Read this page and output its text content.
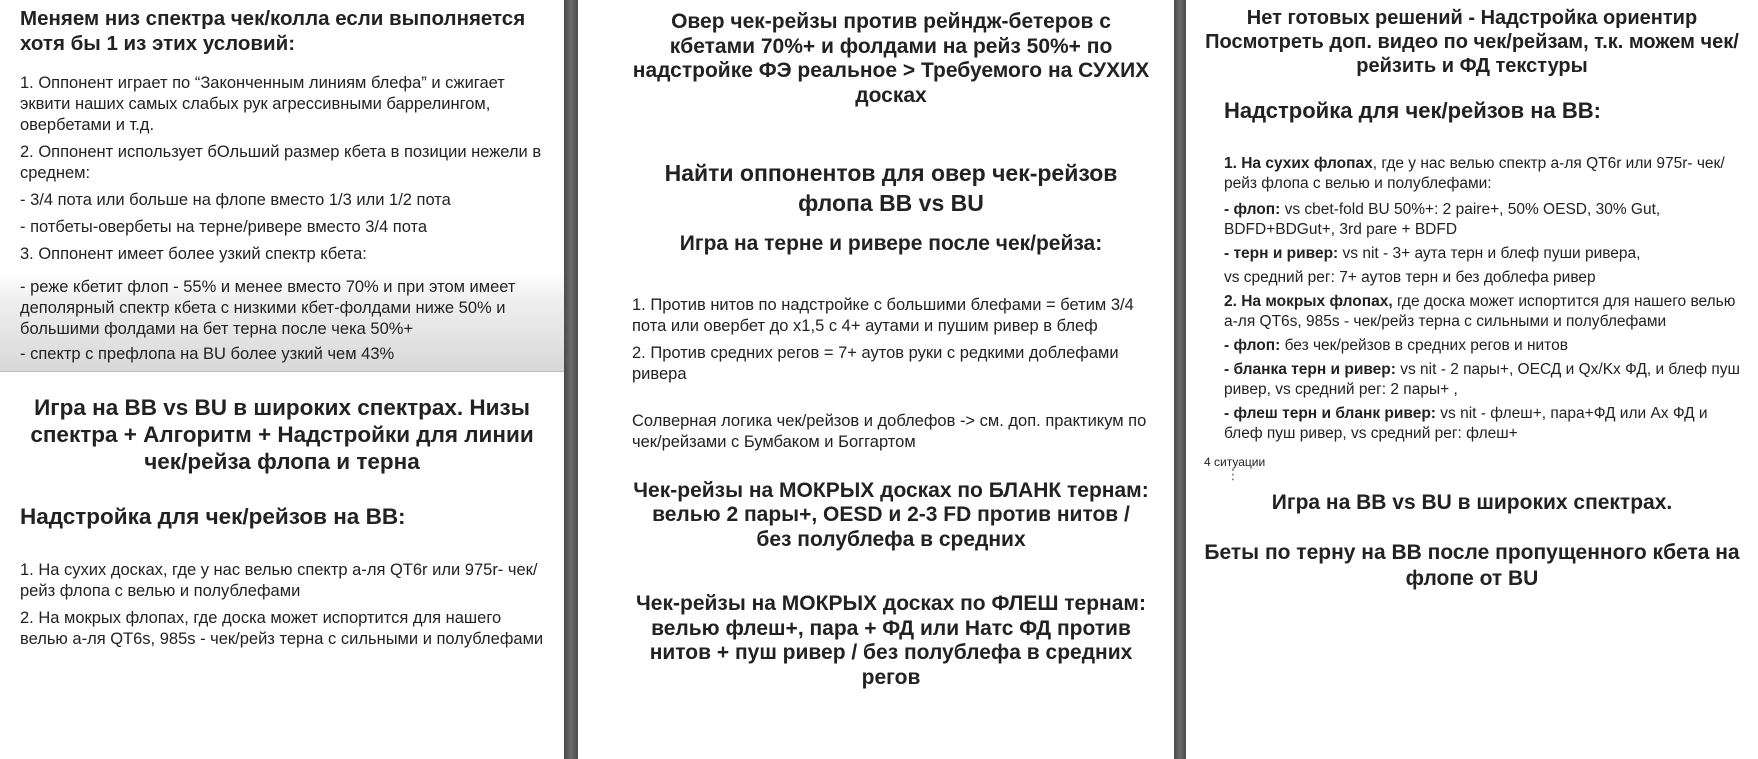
Меняем низ спектра чек/колла если выполняется хотя бы 1 из этих условий:

1. Оппонент играет по “Законченным линиям блефа” и сжигает эквити наших самых слабых рук агрессивными баррелингом, овербетами и т.д.

2. Оппонент использует бОльший размер кбета в позиции нежели в среднем:

- 3/4 пота или больше на флопе вместо 1/3 или 1/2 пота

- потбеты-овербеты на терне/ривере вместо 3/4 пота

3. Оппонент имеет более узкий спектр кбета:

- реже кбетит флоп - 55% и менее вместо 70% и при этом имеет деполярный спектр кбета с низкими кбет-фолдами ниже 50% и большими фолдами на бет терна после чека 50%+

- спектр с префлопа на BU более узкий чем 43%

Игра на BB vs BU в широких спектрах. Низы спектра + Алгоритм + Надстройки для линии чек/рейза флопа и терна

Надстройка для чек/рейзов на BB:

1. На сухих досках, где у нас велью спектр а-ля QT6r или 975r- чек/рейз флопа с велью и полублефами

2. На мокрых флопах, где доска может испортится для нашего велью а-ля QT6s, 985s - чек/рейз терна с сильными и полублефами

Овер чек-рейзы против рейндж-бетеров с кбетами 70%+ и фолдами на рейз 50%+ по надстройке ФЭ реальное > Требуемого на СУХИХ досках

Найти оппонентов для овер чек-рейзов флопа BB vs BU

Игра на терне и ривере после чек/рейза:

1. Против нитов по надстройке с большими блефами = бетим 3/4 пота или овербет до х1,5 с 4+ аутами и пушим ривер в блеф

2. Против средних регов = 7+ аутов руки с редкими доблефами ривера

Солверная логика чек/рейзов и доблефов -> см. доп. практикум по чек/рейзами с Бумбаком и Боггартом

Чек-рейзы на МОКРЫХ досках по БЛАНК тернам: велью 2 пары+, OESD и 2-3 FD против нитов / без полублефа в средних

Чек-рейзы на МОКРЫХ досках по ФЛЕШ тернам: велью флеш+, пара + ФД или Натс ФД против нитов + пуш ривер / без полублефа в средних регов

Нет готовых решений - Надстройка ориентир Посмотреть доп. видео по чек/рейзам, т.к. можем чек/рейзить и ФД текстуры

Надстройка для чек/рейзов на BB:

1. На сухих флопах, где у нас велью спектр а-ля QT6r или 975r- чек/рейз флопа с велью и полублефами:

- флоп: vs cbet-fold BU 50%+: 2 paire+, 50% OESD, 30% Gut, BDFD+BDGut+, 3rd pare + BDFD

- терн и ривер: vs nit - 3+ аута терн и блеф пуши ривера,

vs средний рег: 7+ аутов терн и без доблефа ривер

2. На мокрых флопах, где доска может испортится для нашего велью а-ля QT6s, 985s - чек/рейз терна с сильными и полублефами

- флоп: без чек/рейзов в средних регов и нитов

- бланка терн и ривер: vs nit - 2 пары+, ОЕСД и Qx/Kx ФД, и блеф пуш ривер, vs средний рег: 2 пары+ ,

- флеш терн и бланк ривер: vs nit - флеш+, пара+ФД или Ах ФД и блеф пуш ривер, vs средний рег: флеш+

4 ситуации

Игра на BB vs BU в широких спектрах.

Беты по терну на BB после пропущенного кбета на флопе от BU

⋮
